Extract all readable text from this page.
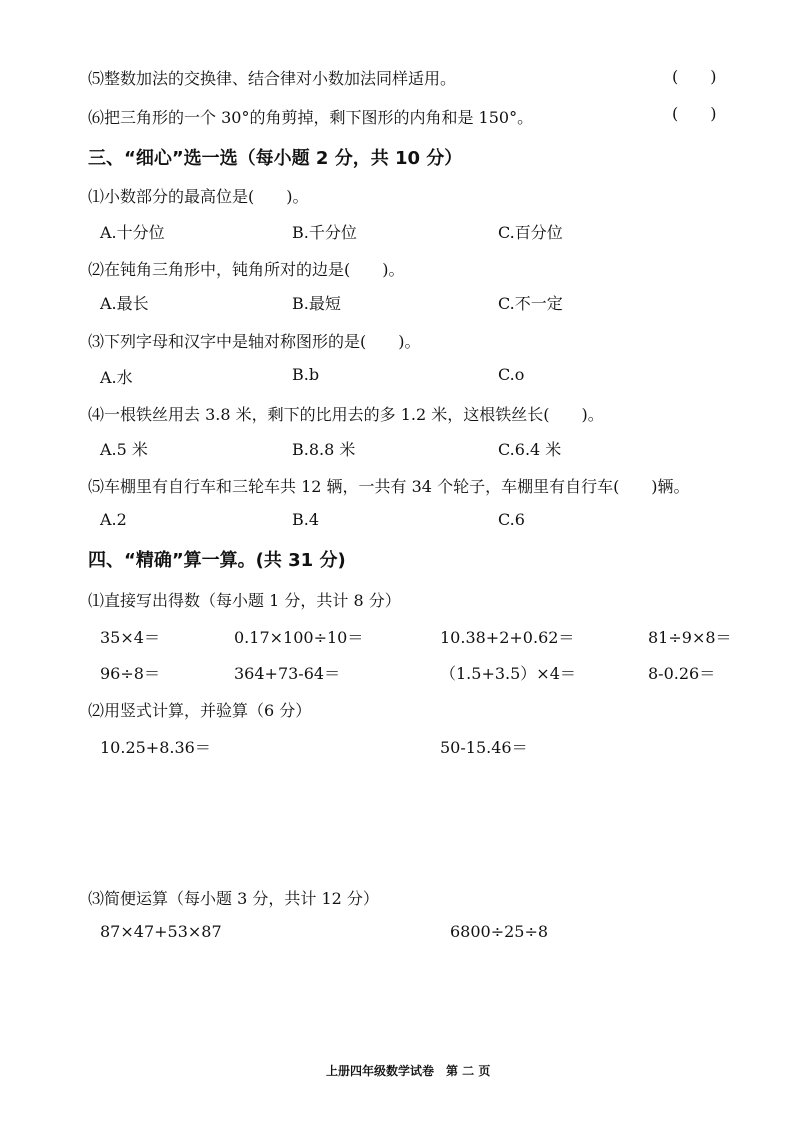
⑸整数加法的交换律、结合律对小数加法同样适用。	(　　)
⑹把三角形的一个 30°的角剪掉，剩下图形的内角和是 150°。	(　　)
三、“细心”选一选（每小题 2 分，共 10 分）
⑴小数部分的最高位是(　　)。
A.十分位	B.千分位	C.百分位
⑵在钝角三角形中，钝角所对的边是(　　)。
A.最长	B.最短	C.不一定
⑶下列字母和汉字中是轴对称图形的是(　　)。
A.水	B.b	C.o
⑷一根铁丝用去 3.8 米，剩下的比用去的多 1.2 米，这根铁丝长(　　)。
A.5 米	B.8.8 米	C.6.4 米
⑸车棚里有自行车和三轮车共 12 辆，一共有 34 个轮子，车棚里有自行车(　　)辆。
A.2	B.4	C.6
四、“精确”算一算。(共 31 分)
⑴直接写出得数（每小题 1 分，共计 8 分）
35×4＝	0.17×100÷10＝	10.38+2+0.62＝	81÷9×8＝
96÷8＝	364+73-64＝	（1.5+3.5）×4＝	8-0.26＝
⑵用竖式计算，并验算（6 分）
10.25+8.36＝	50-15.46＝
⑶简便运算（每小题 3 分，共计 12 分）
87×47+53×87	6800÷25÷8
上册四年级数学试卷　第 二 页
